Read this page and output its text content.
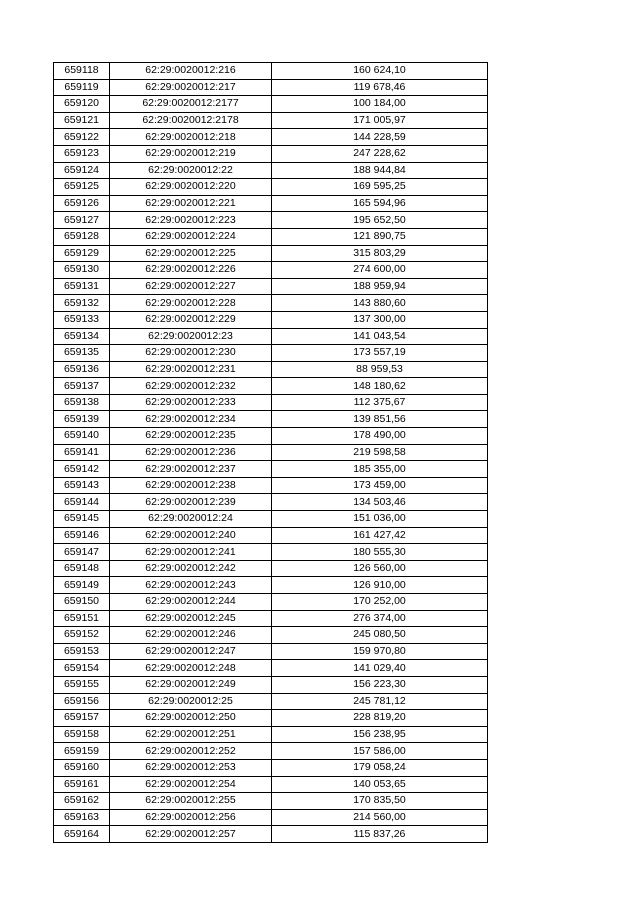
659118	62:29:0020012:216	160 624,10
659119	62:29:0020012:217	119 678,46
659120	62:29:0020012:2177	100 184,00
659121	62:29:0020012:2178	171 005,97
659122	62:29:0020012:218	144 228,59
659123	62:29:0020012:219	247 228,62
659124	62:29:0020012:22	188 944,84
659125	62:29:0020012:220	169 595,25
659126	62:29:0020012:221	165 594,96
659127	62:29:0020012:223	195 652,50
659128	62:29:0020012:224	121 890,75
659129	62:29:0020012:225	315 803,29
659130	62:29:0020012:226	274 600,00
659131	62:29:0020012:227	188 959,94
659132	62:29:0020012:228	143 880,60
659133	62:29:0020012:229	137 300,00
659134	62:29:0020012:23	141 043,54
659135	62:29:0020012:230	173 557,19
659136	62:29:0020012:231	88 959,53
659137	62:29:0020012:232	148 180,62
659138	62:29:0020012:233	112 375,67
659139	62:29:0020012:234	139 851,56
659140	62:29:0020012:235	178 490,00
659141	62:29:0020012:236	219 598,58
659142	62:29:0020012:237	185 355,00
659143	62:29:0020012:238	173 459,00
659144	62:29:0020012:239	134 503,46
659145	62:29:0020012:24	151 036,00
659146	62:29:0020012:240	161 427,42
659147	62:29:0020012:241	180 555,30
659148	62:29:0020012:242	126 560,00
659149	62:29:0020012:243	126 910,00
659150	62:29:0020012:244	170 252,00
659151	62:29:0020012:245	276 374,00
659152	62:29:0020012:246	245 080,50
659153	62:29:0020012:247	159 970,80
659154	62:29:0020012:248	141 029,40
659155	62:29:0020012:249	156 223,30
659156	62:29:0020012:25	245 781,12
659157	62:29:0020012:250	228 819,20
659158	62:29:0020012:251	156 238,95
659159	62:29:0020012:252	157 586,00
659160	62:29:0020012:253	179 058,24
659161	62:29:0020012:254	140 053,65
659162	62:29:0020012:255	170 835,50
659163	62:29:0020012:256	214 560,00
659164	62:29:0020012:257	115 837,26
